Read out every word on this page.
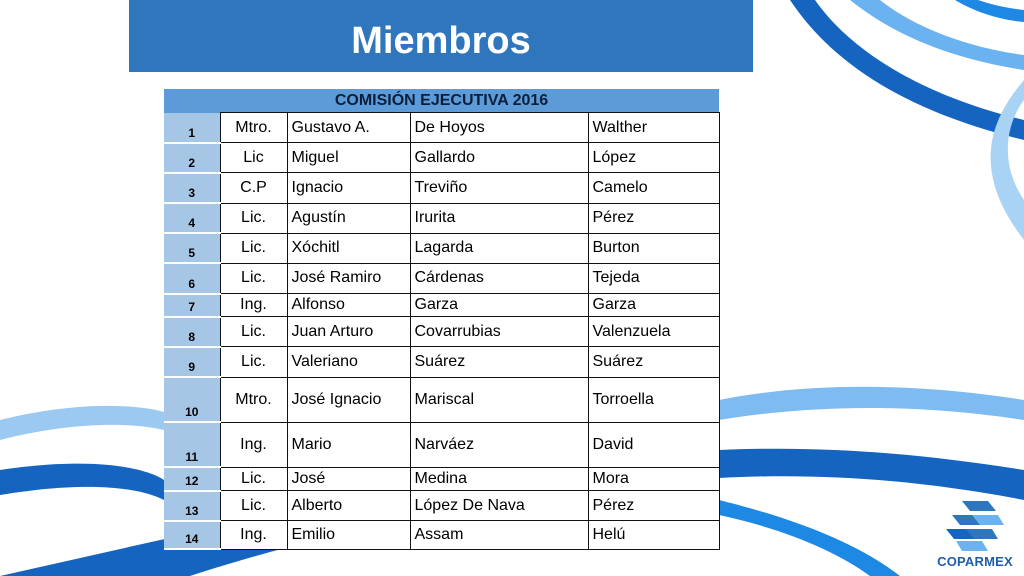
Miembros
COMISIÓN EJECUTIVA 2016				
1	Mtro.	Gustavo A.	De Hoyos	Walther
2	Lic	Miguel	Gallardo	López
3	C.P	Ignacio	Treviño	Camelo
4	Lic.	Agustín	Irurita	Pérez
5	Lic.	Xóchitl	Lagarda	Burton
6	Lic.	José Ramiro	Cárdenas	Tejeda
7	Ing.	Alfonso	Garza	Garza
8	Lic.	Juan Arturo	Covarrubias	Valenzuela
9	Lic.	Valeriano	Suárez	Suárez
10	Mtro.	José Ignacio	Mariscal	Torroella
11	Ing.	Mario	Narváez	David
12	Lic.	José	Medina	Mora
13	Lic.	Alberto	López De Nava	Pérez
14	Ing.	Emilio	Assam	Helú
COPARMEX
